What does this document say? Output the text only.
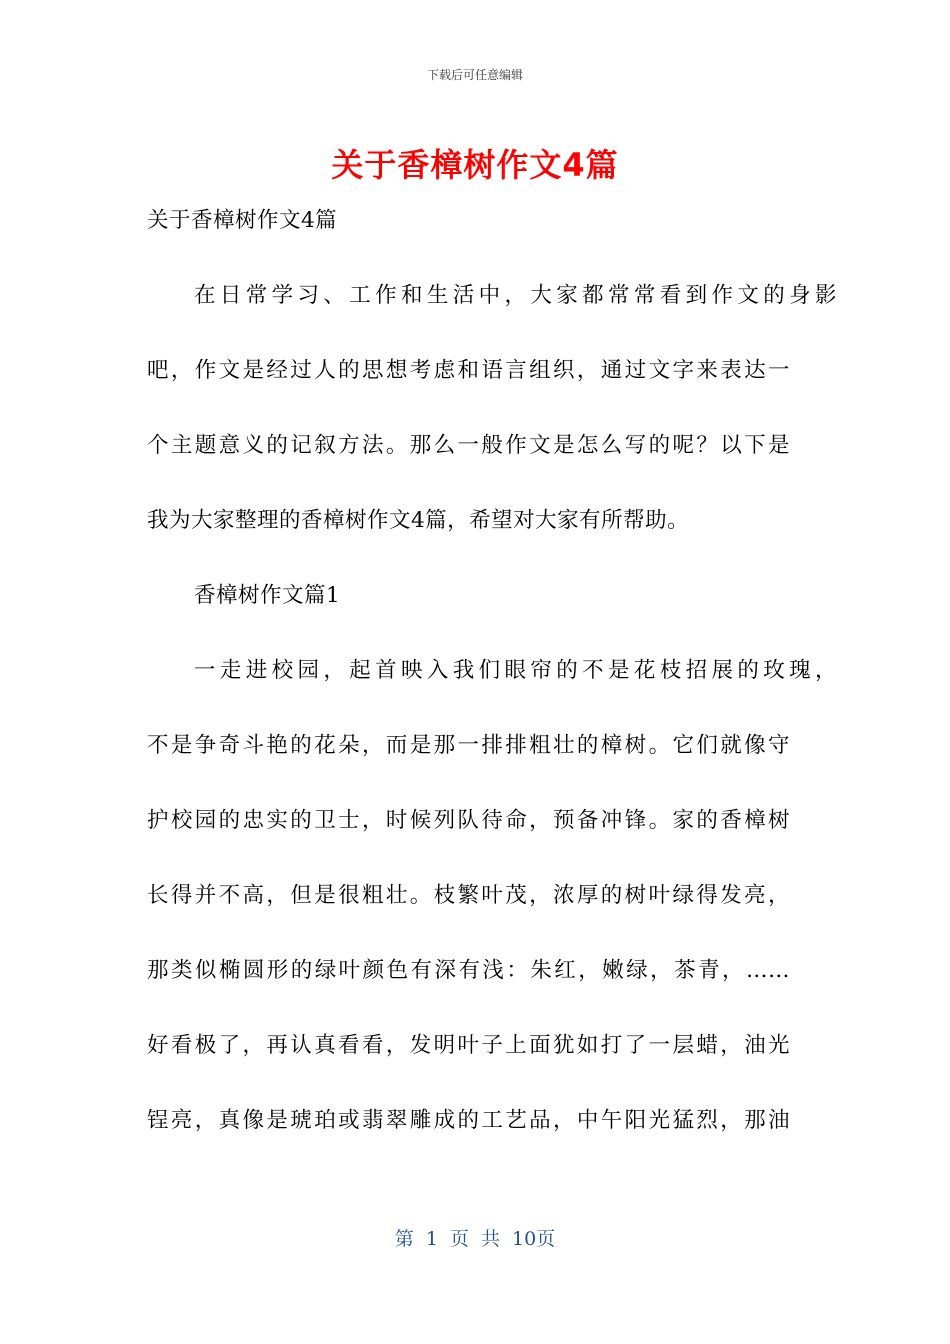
下载后可任意编辑
关于香樟树作文4篇
关于香樟树作文4篇
在日常学习、工作和生活中，大家都常常看到作文的身影
吧，作文是经过人的思想考虑和语言组织，通过文字来表达一
个主题意义的记叙方法。那么一般作文是怎么写的呢？以下是
我为大家整理的香樟树作文4篇，希望对大家有所帮助。
香樟树作文篇1
一走进校园，起首映入我们眼帘的不是花枝招展的玫瑰，
不是争奇斗艳的花朵，而是那一排排粗壮的樟树。它们就像守
护校园的忠实的卫士，时候列队待命，预备冲锋。家的香樟树
长得并不高，但是很粗壮。枝繁叶茂，浓厚的树叶绿得发亮，
那类似椭圆形的绿叶颜色有深有浅：朱红，嫩绿，茶青，……
好看极了，再认真看看，发明叶子上面犹如打了一层蜡，油光
锃亮，真像是琥珀或翡翠雕成的工艺品，中午阳光猛烈，那油
第 1 页 共 10页
